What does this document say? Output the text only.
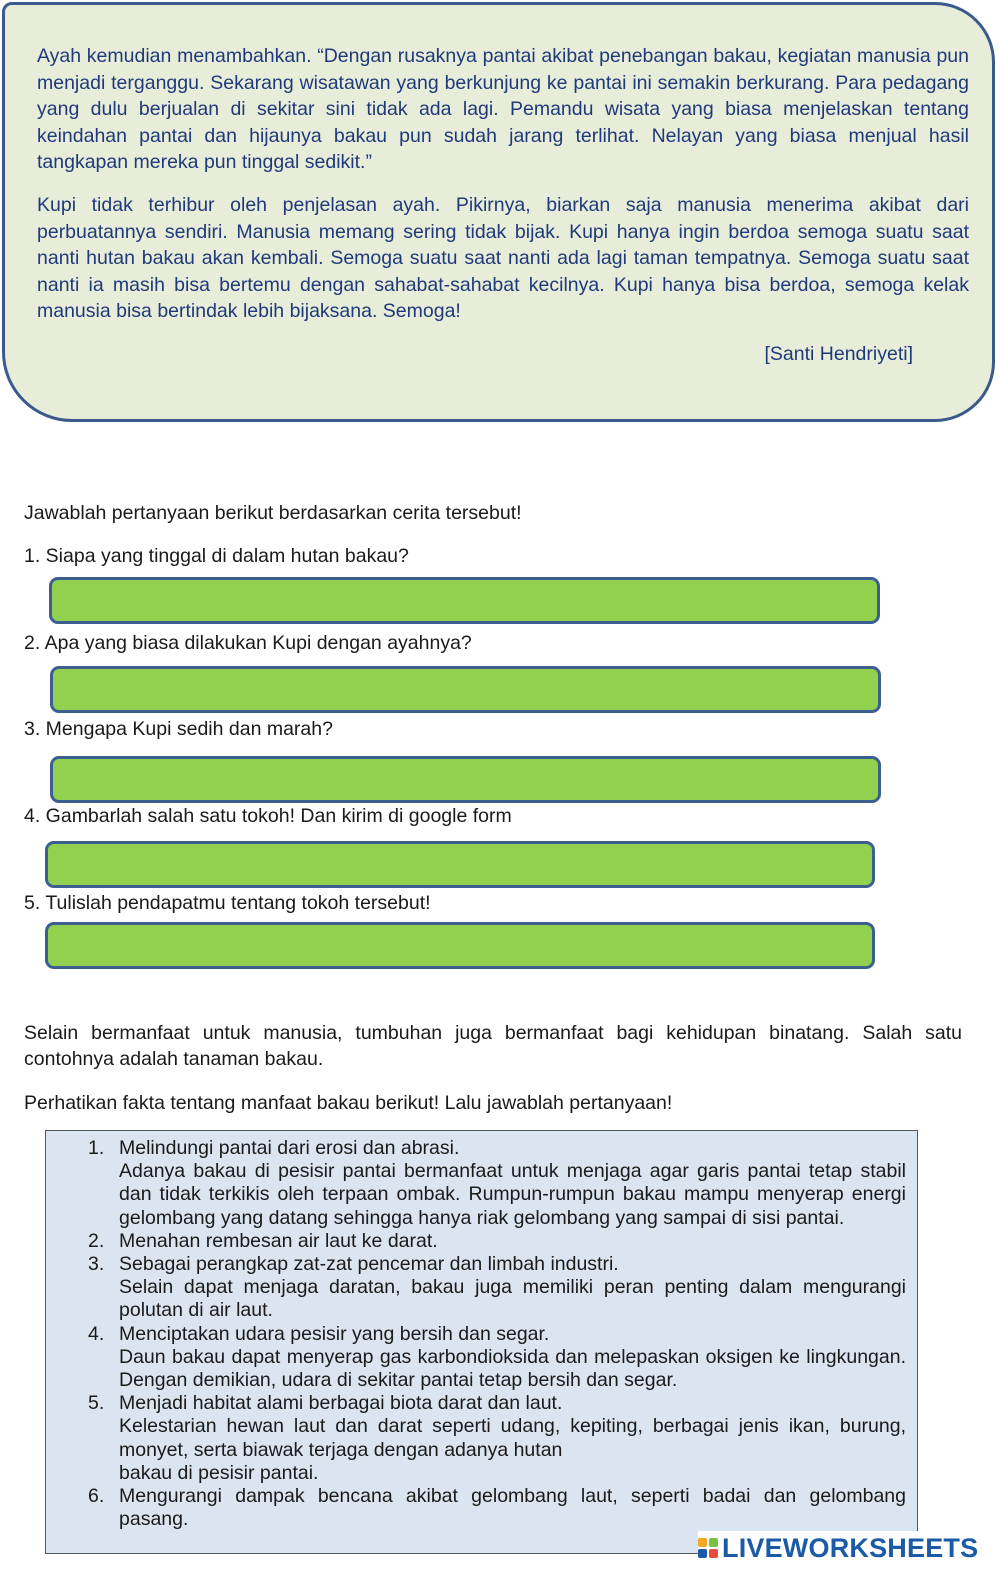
Ayah kemudian menambahkan. “Dengan rusaknya pantai akibat penebangan bakau, kegiatan manusia pun menjadi terganggu. Sekarang wisatawan yang berkunjung ke pantai ini semakin berkurang. Para pedagang yang dulu berjualan di sekitar sini tidak ada lagi. Pemandu wisata yang biasa menjelaskan tentang keindahan pantai dan hijaunya bakau pun sudah jarang terlihat. Nelayan yang biasa menjual hasil tangkapan mereka pun tinggal sedikit.”

Kupi tidak terhibur oleh penjelasan ayah. Pikirnya, biarkan saja manusia menerima akibat dari perbuatannya sendiri. Manusia memang sering tidak bijak. Kupi hanya ingin berdoa semoga suatu saat nanti hutan bakau akan kembali. Semoga suatu saat nanti ada lagi taman tempatnya. Semoga suatu saat nanti ia masih bisa bertemu dengan sahabat-sahabat kecilnya. Kupi hanya bisa berdoa, semoga kelak manusia bisa bertindak lebih bijaksana. Semoga!

[Santi Hendriyeti]
Jawablah pertanyaan berikut berdasarkan cerita tersebut!
1. Siapa yang tinggal di dalam hutan bakau?
2. Apa yang biasa dilakukan Kupi dengan ayahnya?
3. Mengapa Kupi sedih dan marah?
4. Gambarlah salah satu tokoh! Dan kirim di google form
5. Tulislah pendapatmu tentang tokoh tersebut!

Selain bermanfaat untuk manusia, tumbuhan juga bermanfaat bagi kehidupan binatang. Salah satu contohnya adalah tanaman bakau.

Perhatikan fakta tentang manfaat bakau berikut! Lalu jawablah pertanyaan!
1. Melindungi pantai dari erosi dan abrasi.
Adanya bakau di pesisir pantai bermanfaat untuk menjaga agar garis pantai tetap stabil dan tidak terkikis oleh terpaan ombak. Rumpun-rumpun bakau mampu menyerap energi gelombang yang datang sehingga hanya riak gelombang yang sampai di sisi pantai.
2. Menahan rembesan air laut ke darat.
3. Sebagai perangkap zat-zat pencemar dan limbah industri.
Selain dapat menjaga daratan, bakau juga memiliki peran penting dalam mengurangi polutan di air laut.
4. Menciptakan udara pesisir yang bersih dan segar.
Daun bakau dapat menyerap gas karbondioksida dan melepaskan oksigen ke lingkungan. Dengan demikian, udara di sekitar pantai tetap bersih dan segar.
5. Menjadi habitat alami berbagai biota darat dan laut.
Kelestarian hewan laut dan darat seperti udang, kepiting, berbagai jenis ikan, burung, monyet, serta biawak terjaga dengan adanya hutan
bakau di pesisir pantai.
6. Mengurangi dampak bencana akibat gelombang laut, seperti badai dan gelombang pasang.
LIVEWORKSHEETS
